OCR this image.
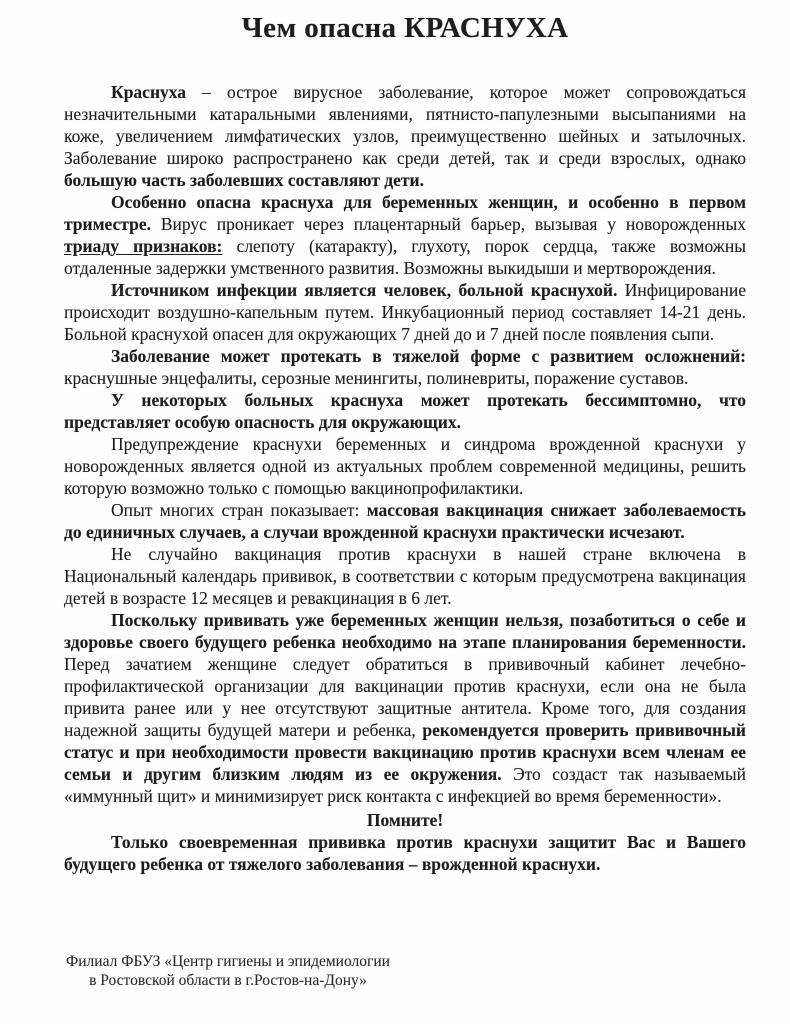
Чем опасна КРАСНУХА

Краснуха – острое вирусное заболевание, которое может сопровождаться незначительными катаральными явлениями, пятнисто-папулезными высыпаниями на коже, увеличением лимфатических узлов, преимущественно шейных и затылочных. Заболевание широко распространено как среди детей, так и среди взрослых, однако большую часть заболевших составляют дети.

Особенно опасна краснуха для беременных женщин, и особенно в первом триместре. Вирус проникает через плацентарный барьер, вызывая у новорожденных триаду признаков: слепоту (катаракту), глухоту, порок сердца, также возможны отдаленные задержки умственного развития. Возможны выкидыши и мертворождения.

Источником инфекции является человек, больной краснухой. Инфицирование происходит воздушно-капельным путем. Инкубационный период составляет 14-21 день. Больной краснухой опасен для окружающих 7 дней до и 7 дней после появления сыпи.

Заболевание может протекать в тяжелой форме с развитием осложнений: краснушные энцефалиты, серозные менингиты, полиневриты, поражение суставов.

У некоторых больных краснуха может протекать бессимптомно, что представляет особую опасность для окружающих.

Предупреждение краснухи беременных и синдрома врожденной краснухи у новорожденных является одной из актуальных проблем современной медицины, решить которую возможно только с помощью вакцинопрофилактики.

Опыт многих стран показывает: массовая вакцинация снижает заболеваемость до единичных случаев, а случаи врожденной краснухи практически исчезают.

Не случайно вакцинация против краснухи в нашей стране включена в Национальный календарь прививок, в соответствии с которым предусмотрена вакцинация детей в возрасте 12 месяцев и ревакцинация в 6 лет.

Поскольку прививать уже беременных женщин нельзя, позаботиться о себе и здоровье своего будущего ребенка необходимо на этапе планирования беременности. Перед зачатием женщине следует обратиться в прививочный кабинет лечебно-профилактической организации для вакцинации против краснухи, если она не была привита ранее или у нее отсутствуют защитные антитела. Кроме того, для создания надежной защиты будущей матери и ребенка, рекомендуется проверить прививочный статус и при необходимости провести вакцинацию против краснухи всем членам ее семьи и другим близким людям из ее окружения. Это создаст так называемый «иммунный щит» и минимизирует риск контакта с инфекцией во время беременности».

Помните!

Только своевременная прививка против краснухи защитит Вас и Вашего будущего ребенка от тяжелого заболевания – врожденной краснухи.

Филиал ФБУЗ «Центр гигиены и эпидемиологии
в Ростовской области в г.Ростов-на-Дону»
